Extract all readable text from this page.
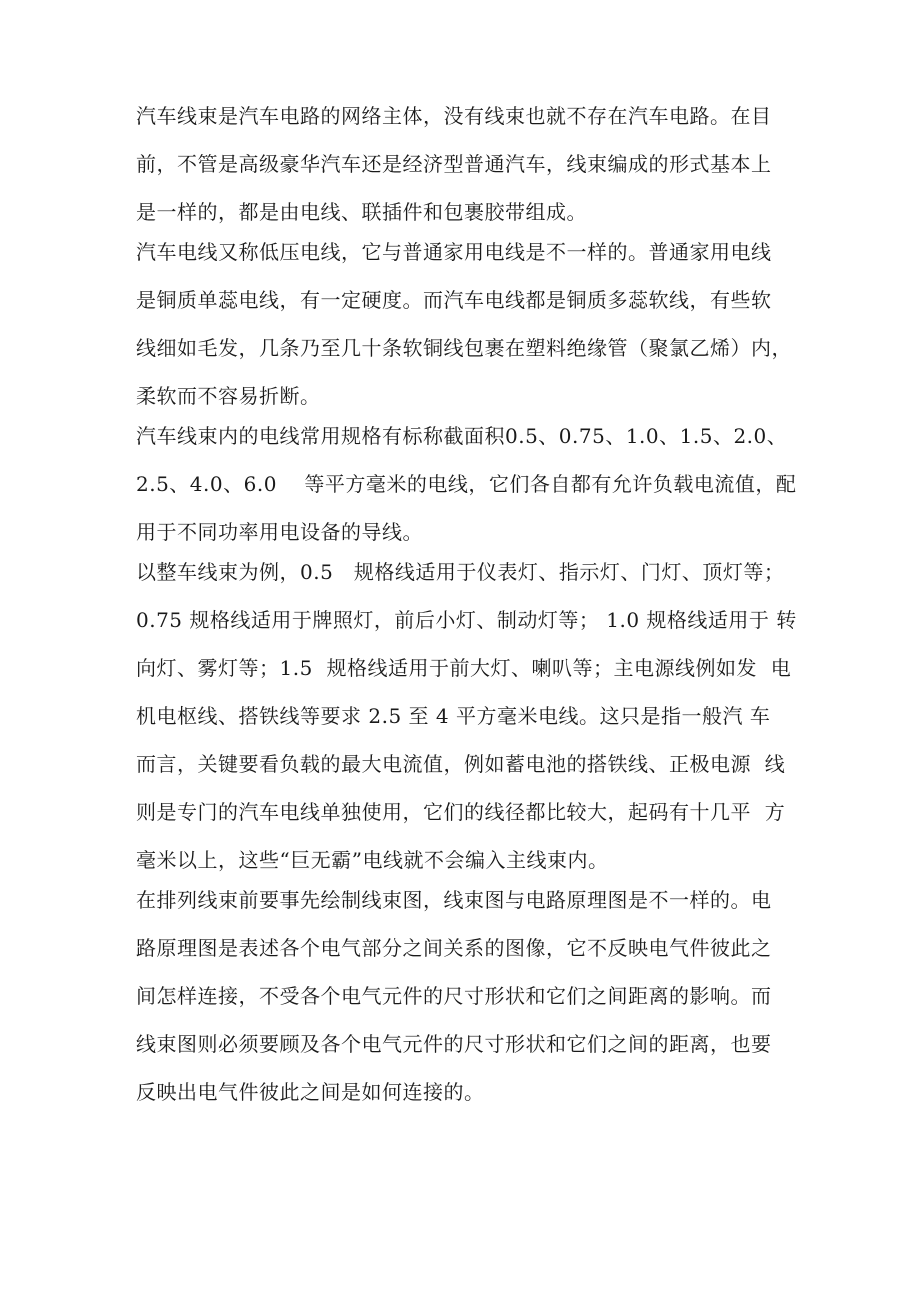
汽车线束是汽车电路的网络主体，没有线束也就不存在汽车电路。在目
前，不管是高级豪华汽车还是经济型普通汽车，线束编成的形式基本上
是一样的，都是由电线、联插件和包裹胶带组成。
汽车电线又称低压电线，它与普通家用电线是不一样的。普通家用电线
是铜质单蕊电线，有一定硬度。而汽车电线都是铜质多蕊软线，有些软
线细如毛发，几条乃至几十条软铜线包裹在塑料绝缘管（聚氯乙烯）内，
柔软而不容易折断。
汽车线束内的电线常用规格有标称截面积0.5、0.75、1.0、1.5、2.0、
2.5、4.0、6.0    等平方毫米的电线，它们各自都有允许负载电流值，配
用于不同功率用电设备的导线。
以整车线束为例，0.5   规格线适用于仪表灯、指示灯、门灯、顶灯等；
0.75 规格线适用于牌照灯，前后小灯、制动灯等； 1.0 规格线适用于 转
向灯、雾灯等；1.5  规格线适用于前大灯、喇叭等；主电源线例如发  电
机电枢线、搭铁线等要求 2.5 至 4 平方毫米电线。这只是指一般汽 车
而言，关键要看负载的最大电流值，例如蓄电池的搭铁线、正极电源  线
则是专门的汽车电线单独使用，它们的线径都比较大，起码有十几平  方
毫米以上，这些“巨无霸”电线就不会编入主线束内。
在排列线束前要事先绘制线束图，线束图与电路原理图是不一样的。电
路原理图是表述各个电气部分之间关系的图像，它不反映电气件彼此之
间怎样连接，不受各个电气元件的尺寸形状和它们之间距离的影响。而
线束图则必须要顾及各个电气元件的尺寸形状和它们之间的距离，也要
反映出电气件彼此之间是如何连接的。
